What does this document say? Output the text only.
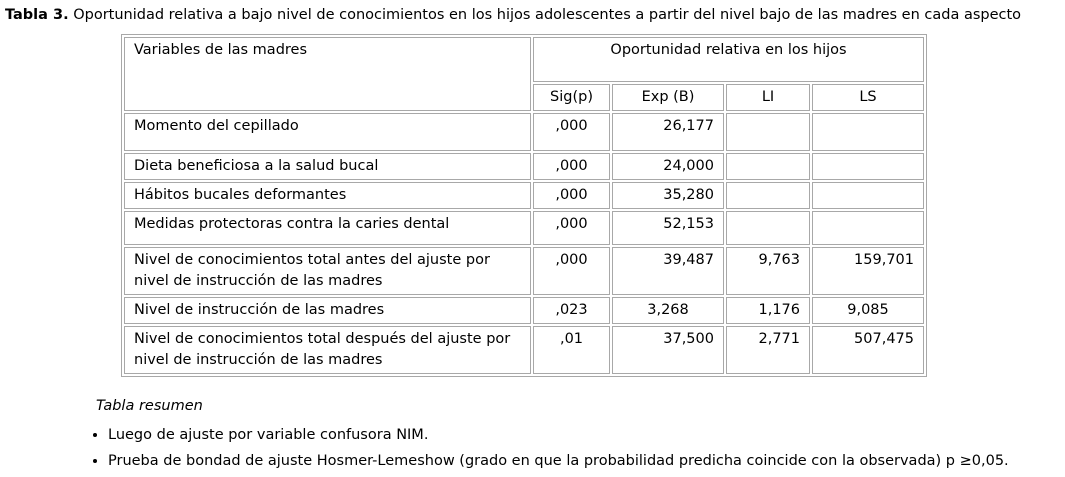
Tabla 3. Oportunidad relativa a bajo nivel de conocimientos en los hijos adolescentes a partir del nivel bajo de las madres en cada aspecto
Variables de las madres	Oportunidad relativa en los hijos			
	Sig(p)	Exp (B)	LI	LS
Momento del cepillado	,000	26,177		
Dieta beneficiosa a la salud bucal	,000	24,000		
Hábitos bucales deformantes	,000	35,280		
Medidas protectoras contra la caries dental	,000	52,153		
Nivel de conocimientos total antes del ajuste por nivel de instrucción de las madres	,000	39,487	9,763	159,701
Nivel de instrucción de las madres	,023	3,268	1,176	9,085
Nivel de conocimientos total después del ajuste por nivel de instrucción de las madres	,01	37,500	2,771	507,475
Tabla resumen
• Luego de ajuste por variable confusora NIM.
• Prueba de bondad de ajuste Hosmer-Lemeshow (grado en que la probabilidad predicha coincide con la observada) p ≥0,05.
